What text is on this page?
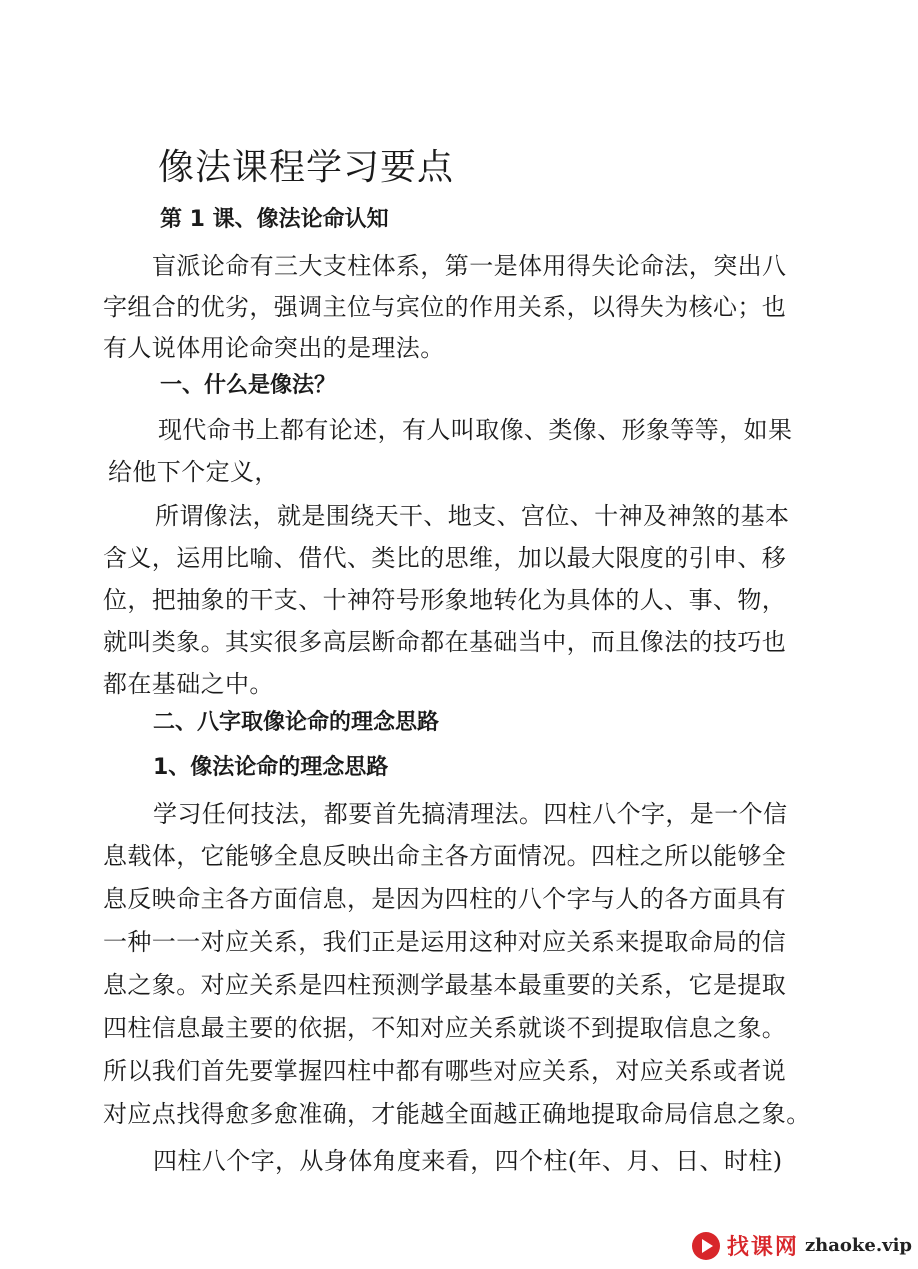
像法课程学习要点
第 1 课、像法论命认知
盲派论命有三大支柱体系，第一是体用得失论命法，突出八
字组合的优劣，强调主位与宾位的作用关系，以得失为核心；也
有人说体用论命突出的是理法。
一、什么是像法？
现代命书上都有论述，有人叫取像、类像、形象等等，如果
给他下个定义，
所谓像法，就是围绕天干、地支、宫位、十神及神煞的基本
含义，运用比喻、借代、类比的思维，加以最大限度的引申、移
位，把抽象的干支、十神符号形象地转化为具体的人、事、物，
就叫类象。其实很多高层断命都在基础当中，而且像法的技巧也
都在基础之中。
二、八字取像论命的理念思路
1、像法论命的理念思路
学习任何技法，都要首先搞清理法。四柱八个字，是一个信
息载体，它能够全息反映出命主各方面情况。四柱之所以能够全
息反映命主各方面信息，是因为四柱的八个字与人的各方面具有
一种一一对应关系，我们正是运用这种对应关系来提取命局的信
息之象。对应关系是四柱预测学最基本最重要的关系，它是提取
四柱信息最主要的依据，不知对应关系就谈不到提取信息之象。
所以我们首先要掌握四柱中都有哪些对应关系，对应关系或者说
对应点找得愈多愈准确，才能越全面越正确地提取命局信息之象。
四柱八个字，从身体角度来看，四个柱(年、月、日、时柱)
找课网 zhaoke.vip
